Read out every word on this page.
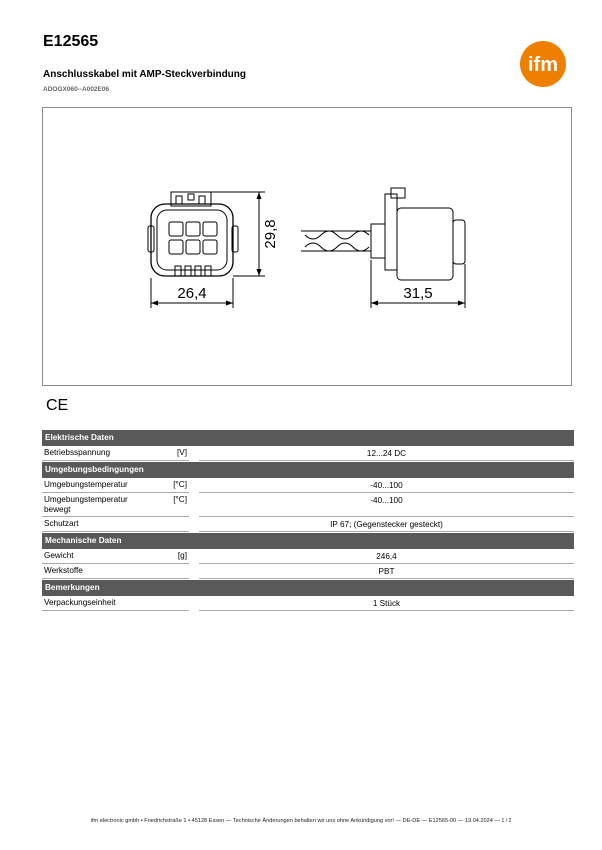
E12565
Anschlusskabel mit AMP-Steckverbindung
ADOGX060--A002E06
ifm
26,4
29,8
31,5
CE
Elektrische Daten
Betriebsspannung	[V]	12...24 DC
Umgebungsbedingungen
Umgebungstemperatur	[°C]	-40...100
Umgebungstemperatur bewegt
[°C]	-40...100
Schutzart	IP 67; (Gegenstecker gesteckt)
Mechanische Daten
Gewicht	[g]	246,4
Werkstoffe	PBT
Bemerkungen
Verpackungseinheit	1 Stück
ifm electronic gmbh • Friedrichstraße 1 • 45128 Essen — Technische Änderungen behalten wir uns ohne Ankündigung vor! — DE-DE — E12565-00 — 19.04.2024 — 1 / 2
